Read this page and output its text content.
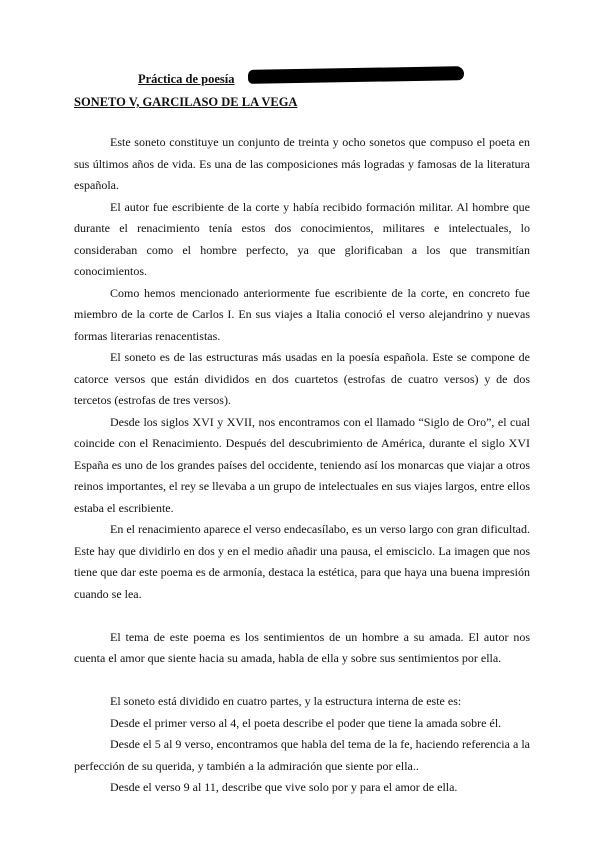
Práctica de poesía
SONETO V, GARCILASO DE LA VEGA

Este soneto constituye un conjunto de treinta y ocho sonetos que compuso el poeta en sus últimos años de vida. Es una de las composiciones más logradas y famosas de la literatura española.

El autor fue escribiente de la corte y había recibido formación militar. Al hombre que durante el renacimiento tenía estos dos conocimientos, militares e intelectuales, lo consideraban como el hombre perfecto, ya que glorificaban a los que transmitían conocimientos.

Como hemos mencionado anteriormente fue escribiente de la corte, en concreto fue miembro de la corte de Carlos I. En sus viajes a Italia conoció el verso alejandrino y nuevas formas literarias renacentistas.

El soneto es de las estructuras más usadas en la poesía española. Este se compone de catorce versos que están divididos en dos cuartetos (estrofas de cuatro versos) y de dos tercetos (estrofas de tres versos).

Desde los siglos XVI y XVII, nos encontramos con el llamado “Siglo de Oro”, el cual coincide con el Renacimiento. Después del descubrimiento de América, durante el siglo XVI España es uno de los grandes países del occidente, teniendo así los monarcas que viajar a otros reinos importantes, el rey se llevaba a un grupo de intelectuales en sus viajes largos, entre ellos estaba el escribiente.

En el renacimiento aparece el verso endecasílabo, es un verso largo con gran dificultad. Este hay que dividirlo en dos y en el medio añadir una pausa, el emisciclo. La imagen que nos tiene que dar este poema es de armonía, destaca la estética, para que haya una buena impresión cuando se lea.

El tema de este poema es los sentimientos de un hombre a su amada. El autor nos cuenta el amor que siente hacia su amada, habla de ella y sobre sus sentimientos por ella.

El soneto está dividido en cuatro partes, y la estructura interna de este es:

Desde el primer verso al 4, el poeta describe el poder que tiene la amada sobre él.

Desde el 5 al 9 verso, encontramos que habla del tema de la fe, haciendo referencia a la perfección de su querida, y también a la admiración que siente por ella..

Desde el verso 9 al 11, describe que vive solo por y para el amor de ella.
